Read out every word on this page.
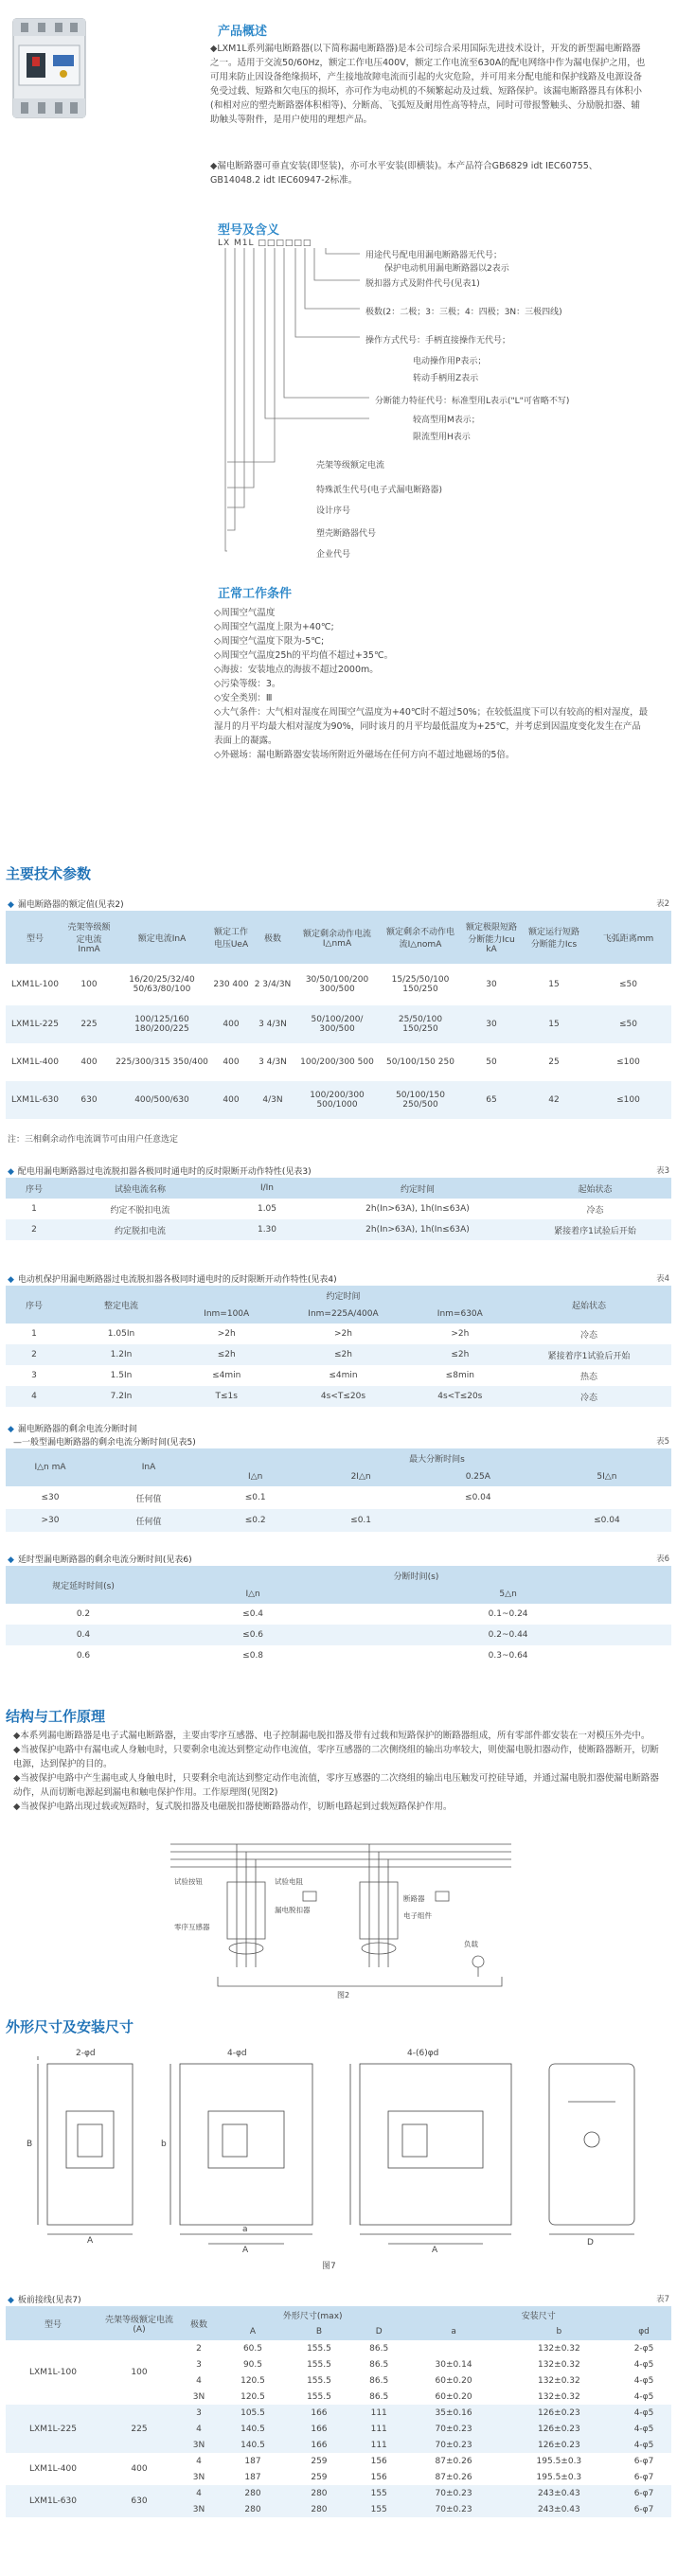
产品概述
◆LXM1L系列漏电断路器(以下简称漏电断路器)是本公司综合采用国际先进技术设计，开发的新型漏电断路器之一。适用于交流50/60Hz，额定工作电压400V，额定工作电流至630A的配电网络中作为漏电保护之用，也可用来防止因设备绝缘损坏，产生接地故障电流而引起的火灾危险，并可用来分配电能和保护线路及电源设备免受过载、短路和欠电压的损坏，亦可作为电动机的不频繁起动及过载、短路保护。该漏电断路器具有体积小(和相对应的塑壳断路器体积相等)、分断高、飞弧短及耐用性高等特点，同时可带报警触头、分励脱扣器、辅助触头等附件，是用户使用的理想产品。
◆漏电断路器可垂直安装(即竖装)，亦可水平安装(即横装)。本产品符合GB6829 idt IEC60755、GB14048.2 idt IEC60947-2标准。
型号及含义
LX M1L □□□□□□
用途代号配电用漏电断路器无代号；
保护电动机用漏电断路器以2表示
脱扣器方式及附件代号(见表1)
极数(2：二极；3：三极；4：四极；3N：三极四线)
操作方式代号：手柄直接操作无代号；
电动操作用P表示；
转动手柄用Z表示
分断能力特征代号：标准型用L表示("L"可省略不写)
较高型用M表示；
限流型用H表示
壳架等级额定电流
特殊派生代号(电子式漏电断路器)
设计序号
塑壳断路器代号
企业代号
正常工作条件
◇周围空气温度
◇周围空气温度上限为+40℃;
◇周围空气温度下限为-5℃;
◇周围空气温度25h的平均值不超过+35℃。
◇海拔：安装地点的海拔不超过2000m。
◇污染等级：3。
◇安全类别：Ⅲ
◇大气条件：大气相对湿度在周围空气温度为+40℃时不超过50%；在较低温度下可以有较高的相对湿度，最湿月的月平均最大相对湿度为90%，同时该月的月平均最低温度为+25℃，并考虑到因温度变化发生在产品表面上的凝露。
◇外磁场：漏电断路器安装场所附近外磁场在任何方向不超过地磁场的5倍。
主要技术参数
◆ 漏电断路器的额定值(见表2)	表2
型号	壳架等级额定电流InmA	额定电流InA	额定工作电压UeA	极数	额定剩余动作电流I△nmA	额定剩余不动作电流I△nomA	额定极限短路分断能力Icu kA	额定运行短路分断能力Ics	飞弧距离mm
LXM1L-100	100	16/20/25/32/40 50/63/80/100	230 400	2 3/4/3N	30/50/100/200 300/500	15/25/50/100 150/250	30	15	≤50
LXM1L-225	225	100/125/160 180/200/225	400	3 4/3N	50/100/200/ 300/500	25/50/100 150/250	30	15	≤50
LXM1L-400	400	225/300/315 350/400	400	3 4/3N	100/200/300 500	50/100/150 250	50	25	≤100
LXM1L-630	630	400/500/630	400	4/3N	100/200/300 500/1000	50/100/150 250/500	65	42	≤100
注：三相剩余动作电流调节可由用户任意选定
◆ 配电用漏电断路器过电流脱扣器各极同时通电时的反时限断开动作特性(见表3)	表3
序号	试验电流名称	I/In	约定时间	起始状态
1	约定不脱扣电流	1.05	2h(In>63A), 1h(In≤63A)	冷态
2	约定脱扣电流	1.30	2h(In>63A), 1h(In≤63A)	紧接着序1试验后开始
◆ 电动机保护用漏电断路器过电流脱扣器各极同时通电时的反时限断开动作特性(见表4)	表4
序号	整定电流	约定时间			起始状态
		Inm=100A	Inm=225A/400A	Inm=630A	
1	1.05In	>2h	>2h	>2h	冷态
2	1.2In	≤2h	≤2h	≤2h	紧接着序1试验后开始
3	1.5In	≤4min	≤4min	≤8min	热态
4	7.2In	T≤1s	4s<T≤20s	4s<T≤20s	冷态
◆ 漏电断路器的剩余电流分断时间
—一般型漏电断路器的剩余电流分断时间(见表5)	表5
I△n mA	InA	最大分断时间s			
		I△n	2I△n	0.25A	5I△n
≤30	任何值	≤0.1		≤0.04	
>30	任何值	≤0.2	≤0.1		≤0.04
◆ 延时型漏电断路器的剩余电流分断时间(见表6)	表6
规定延时时间(s)	分断时间(s)	
	I△n	5△n
0.2	≤0.4	0.1~0.24
0.4	≤0.6	0.2~0.44
0.6	≤0.8	0.3~0.64
结构与工作原理
◆本系列漏电断路器是电子式漏电断路器，主要由零序互感器、电子控制漏电脱扣器及带有过载和短路保护的断路器组成，所有零部件都安装在一对模压外壳中。
◆当被保护电路中有漏电或人身触电时，只要剩余电流达到整定动作电流值，零序互感器的二次侧绕组的输出功率较大，则使漏电脱扣器动作，使断路器断开，切断电源，达到保护的目的。
◆当被保护电路中产生漏电或人身触电时，只要剩余电流达到整定动作电流值，零序互感器的二次绕组的输出电压触发可控硅导通，并通过漏电脱扣器使漏电断路器动作，从而切断电源起到漏电和触电保护作用。工作原理图(见图2)
◆当被保护电路出现过载或短路时，复式脱扣器及电磁脱扣器使断路器动作，切断电路起到过载短路保护作用。
试验按钮	试验电阻
漏电脱扣器
零序互感器
断路器
电子组件
负载
图2
外形尺寸及安装尺寸
2-φd	4-φd	4-(6)φd
A
B
A
a
b
A
D
图7
◆ 板前接线(见表7)	表7
型号	壳架等级额定电流(A)	极数	外形尺寸(max)			安装尺寸		
			A	B	D	a	b	φd
LXM1L-100	100	2	60.5	155.5	86.5		132±0.32	2-φ5
		3	90.5	155.5	86.5	30±0.14	132±0.32	4-φ5
		4	120.5	155.5	86.5	60±0.20	132±0.32	4-φ5
		3N	120.5	155.5	86.5	60±0.20	132±0.32	4-φ5
LXM1L-225	225	3	105.5	166	111	35±0.16	126±0.23	4-φ5
		4	140.5	166	111	70±0.23	126±0.23	4-φ5
		3N	140.5	166	111	70±0.23	126±0.23	4-φ5
LXM1L-400	400	4	187	259	156	87±0.26	195.5±0.3	6-φ7
		3N	187	259	156	87±0.26	195.5±0.3	6-φ7
LXM1L-630	630	4	280	280	155	70±0.23	243±0.43	6-φ7
		3N	280	280	155	70±0.23	243±0.43	6-φ7
